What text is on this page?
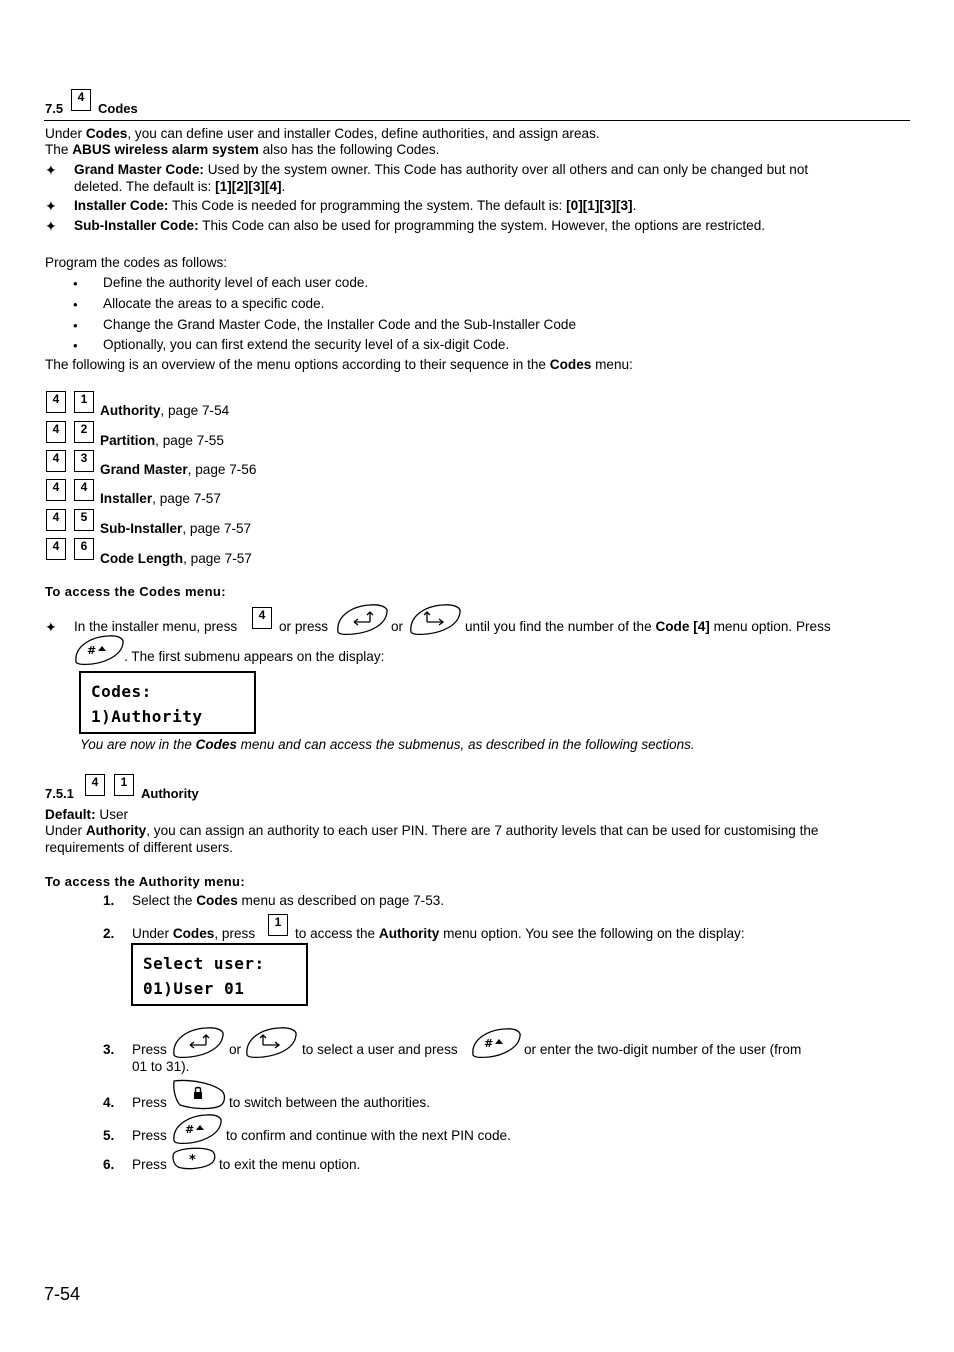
7.5
4
Codes
Under Codes, you can define user and installer Codes, define authorities, and assign areas.
The ABUS wireless alarm system also has the following Codes.
✦ Grand Master Code: Used by the system owner. This Code has authority over all others and can only be changed but not
deleted. The default is: [1][2][3][4].
✦ Installer Code: This Code is needed for programming the system. The default is: [0][1][3][3].
✦ Sub-Installer Code: This Code can also be used for programming the system. However, the options are restricted.
Program the codes as follows:
• Define the authority level of each user code.
• Allocate the areas to a specific code.
• Change the Grand Master Code, the Installer Code and the Sub-Installer Code
• Optionally, you can first extend the security level of a six-digit Code.
The following is an overview of the menu options according to their sequence in the Codes menu:
4	1
Authority, page 7-54
4	2
Partition, page 7-55
4	3
Grand Master, page 7-56
4	4
Installer, page 7-57
4	5
Sub-Installer, page 7-57
4	6
Code Length, page 7-57
To access the Codes menu:
✦ In the installer menu, press
4
or press	or	until you find the number of the Code [4] menu option. Press
# . The first submenu appears on the display:
Codes:
1)Authority
You are now in the Codes menu and can access the submenus, as described in the following sections.
7.5.1
4	1
Authority
Default: User
Under Authority, you can assign an authority to each user PIN. There are 7 authority levels that can be used for customising the
requirements of different users.
To access the Authority menu:
1. Select the Codes menu as described on page 7-53.
2. Under Codes, press
1
to access the Authority menu option. You see the following on the display:
Select user:
01)User 01
3. Press	or	to select a user and press # or enter the two-digit number of the user (from
01 to 31).
4. Press	to switch between the authorities.
5. Press # to confirm and continue with the next PIN code.
6. Press * to exit the menu option.
7-54
